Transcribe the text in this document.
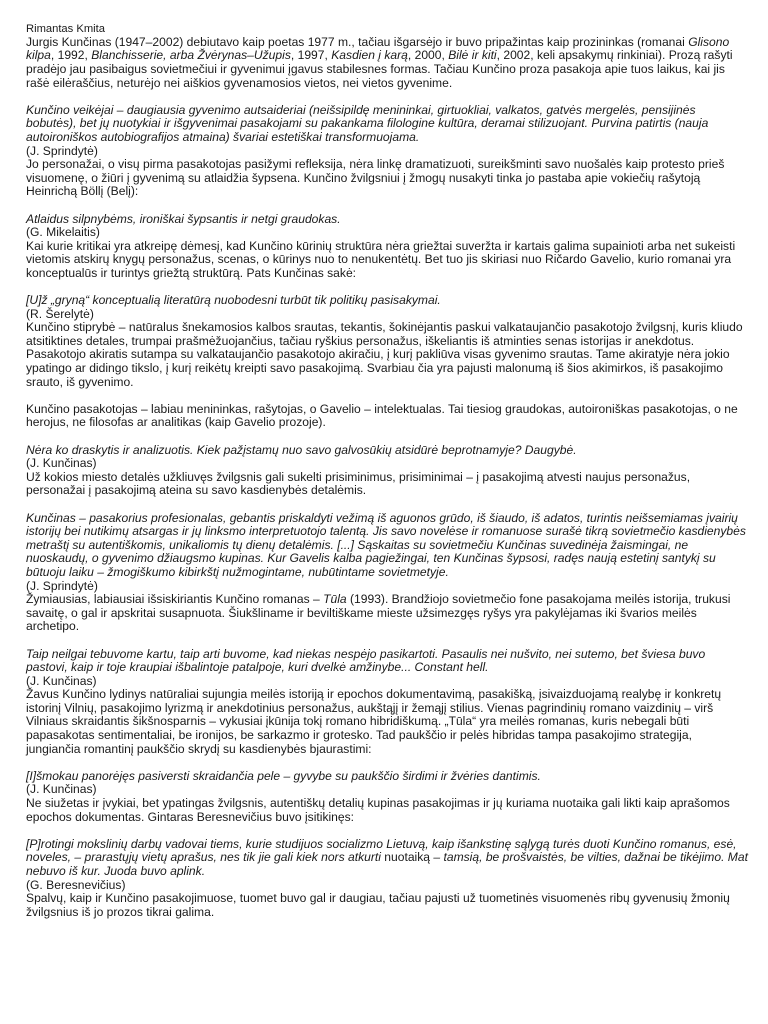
Rimantas Kmita

Jurgis Kunčinas (1947–2002) debiutavo kaip poetas 1977 m., tačiau išgarsėjo ir buvo pripažintas kaip prozininkas (romanai Glisono kilpa, 1992, Blanchisserie, arba Žvėrynas–Užupis, 1997, Kasdien į karą, 2000, Bilė ir kiti, 2002, keli apsakymų rinkiniai). Prozą rašyti pradėjo jau pasibaigus sovietmečiui ir gyvenimui įgavus stabilesnes formas. Tačiau Kunčino proza pasakoja apie tuos laikus, kai jis rašė eilėraščius, neturėjo nei aiškios gyvenamosios vietos, nei vietos gyvenime.

Kunčino veikėjai – daugiausia gyvenimo autsaideriai (neišsipildę menininkai, girtuokliai, valkatos, gatvės mergelės, pensijinės bobutės), bet jų nuotykiai ir išgyvenimai pasakojami su pakankama filologine kultūra, deramai stilizuojant. Purvina patirtis (nauja autoironiškos autobiografijos atmaina) švariai estetiškai transformuojama.

(J. Sprindytė)

Jo personažai, o visų pirma pasakotojas pasižymi refleksija, nėra linkę dramatizuoti, sureikšminti savo nuošalės kaip protesto prieš visuomenę, o žiūri į gyvenimą su atlaidžia šypsena. Kunčino žvilgsniui į žmogų nusakyti tinka jo pastaba apie vokiečių rašytoją Heinrichą Böllį (Belį):

Atlaidus silpnybėms, ironiškai šypsantis ir netgi graudokas.

(G. Mikelaitis)

Kai kurie kritikai yra atkreipę dėmesį, kad Kunčino kūrinių struktūra nėra griežtai suveržta ir kartais galima supainioti arba net sukeisti vietomis atskirų knygų personažus, scenas, o kūrinys nuo to nenukentėtų. Bet tuo jis skiriasi nuo Ričardo Gavelio, kurio romanai yra konceptualūs ir turintys griežtą struktūrą. Pats Kunčinas sakė:

[U]ž „gryną“ konceptualią literatūrą nuobodesni turbūt tik politikų pasisakymai.

(R. Šerelytė)

Kunčino stiprybė – natūralus šnekamosios kalbos srautas, tekantis, šokinėjantis paskui valkataujančio pasakotojo žvilgsnį, kuris kliudo atsitiktines detales, trumpai prašmėžuojančius, tačiau ryškius personažus, iškeliantis iš atminties senas istorijas ir anekdotus. Pasakotojo akiratis sutampa su valkataujančio pasakotojo akiračiu, į kurį pakliūva visas gyvenimo srautas. Tame akiratyje nėra jokio ypatingo ar didingo tikslo, į kurį reikėtų kreipti savo pasakojimą. Svarbiau čia yra pajusti malonumą iš šios akimirkos, iš pasakojimo srauto, iš gyvenimo.

Kunčino pasakotojas – labiau menininkas, rašytojas, o Gavelio – intelektualas. Tai tiesiog graudokas, autoironiškas pasakotojas, o ne herojus, ne filosofas ar analitikas (kaip Gavelio prozoje).

Nėra ko draskytis ir analizuotis. Kiek pažįstamų nuo savo galvosūkių atsidūrė beprotnamyje? Daugybė.

(J. Kunčinas)

Už kokios miesto detalės užkliuvęs žvilgsnis gali sukelti prisiminimus, prisiminimai – į pasakojimą atvesti naujus personažus, personažai į pasakojimą ateina su savo kasdienybės detalėmis.

Kunčinas – pasakorius profesionalas, gebantis priskaldyti vežimą iš aguonos grūdo, iš šiaudo, iš adatos, turintis neišsemiamas įvairių istorijų bei nutikimų atsargas ir jų linksmo interpretuotojo talentą. Jis savo novelėse ir romanuose surašė tikrą sovietmečio kasdienybės metraštį su autentiškomis, unikaliomis tų dienų detalėmis. [...] Sąskaitas su sovietmečiu Kunčinas suvedinėja žaismingai, ne nuoskaudų, o gyvenimo džiaugsmo kupinas. Kur Gavelis kalba pagiežingai, ten Kunčinas šypsosi, radęs naują estetinį santykį su būtuoju laiku – žmogiškumo kibirkštį nužmogintame, nubūtintame sovietmetyje.

(J. Sprindytė)

Žymiausias, labiausiai išsiskiriantis Kunčino romanas – Tūla (1993). Brandžiojo sovietmečio fone pasakojama meilės istorija, trukusi savaitę, o gal ir apskritai susapnuota. Šiukšliname ir beviltiškame mieste užsimezgęs ryšys yra pakylėjamas iki švarios meilės archetipo.

Taip neilgai tebuvome kartu, taip arti buvome, kad niekas nespėjo pasikartoti. Pasaulis nei nušvito, nei sutemo, bet šviesa buvo pastovi, kaip ir toje kraupiai išbalintoje patalpoje, kuri dvelkė amžinybe... Constant hell.

(J. Kunčinas)

Žavus Kunčino lydinys natūraliai sujungia meilės istoriją ir epochos dokumentavimą, pasakišką, įsivaizduojamą realybę ir konkretų istorinį Vilnių, pasakojimo lyrizmą ir anekdotinius personažus, aukštąjį ir žemąjį stilius. Vienas pagrindinių romano vaizdinių – virš Vilniaus skraidantis šikšnosparnis – vykusiai įkūnija tokį romano hibridiškumą. „Tūla“ yra meilės romanas, kuris nebegali būti papasakotas sentimentaliai, be ironijos, be sarkazmo ir grotesko. Tad paukščio ir pelės hibridas tampa pasakojimo strategija, jungiančia romantinį paukščio skrydį su kasdienybės bjaurastimi:

[I]šmokau panorėjęs pasiversti skraidančia pele – gyvybe su paukščio širdimi ir žvėries dantimis.

(J. Kunčinas)

Ne siužetas ir įvykiai, bet ypatingas žvilgsnis, autentiškų detalių kupinas pasakojimas ir jų kuriama nuotaika gali likti kaip aprašomos epochos dokumentas. Gintaras Beresnevičius buvo įsitikinęs:

[P]rotingi mokslinių darbų vadovai tiems, kurie studijuos socializmo Lietuvą, kaip išankstinę sąlygą turės duoti Kunčino romanus, esė, noveles, – prarastųjų vietų aprašus, nes tik jie gali kiek nors atkurti nuotaiką – tamsią, be prošvaistės, be vilties, dažnai be tikėjimo. Mat nebuvo iš kur. Juoda buvo aplink.

(G. Beresnevičius)

Spalvų, kaip ir Kunčino pasakojimuose, tuomet buvo gal ir daugiau, tačiau pajusti už tuometinės visuomenės ribų gyvenusių žmonių žvilgsnius iš jo prozos tikrai galima.
